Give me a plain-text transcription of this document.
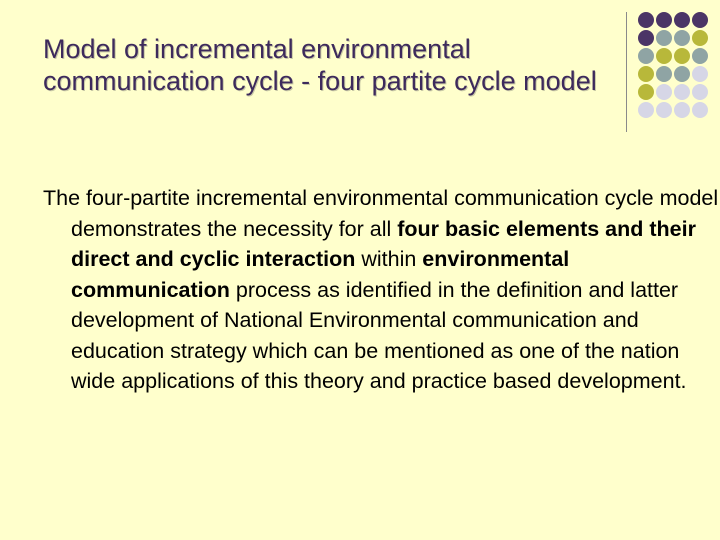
Model of incremental environmental communication cycle - four partite cycle model

The four-partite incremental environmental communication cycle model demonstrates the necessity for all four basic elements and their direct and cyclic interaction within environmental communication process as identified in the definition and latter development of National Environmental communication and education strategy which can be mentioned as one of the nation wide applications of this theory and practice based development.
